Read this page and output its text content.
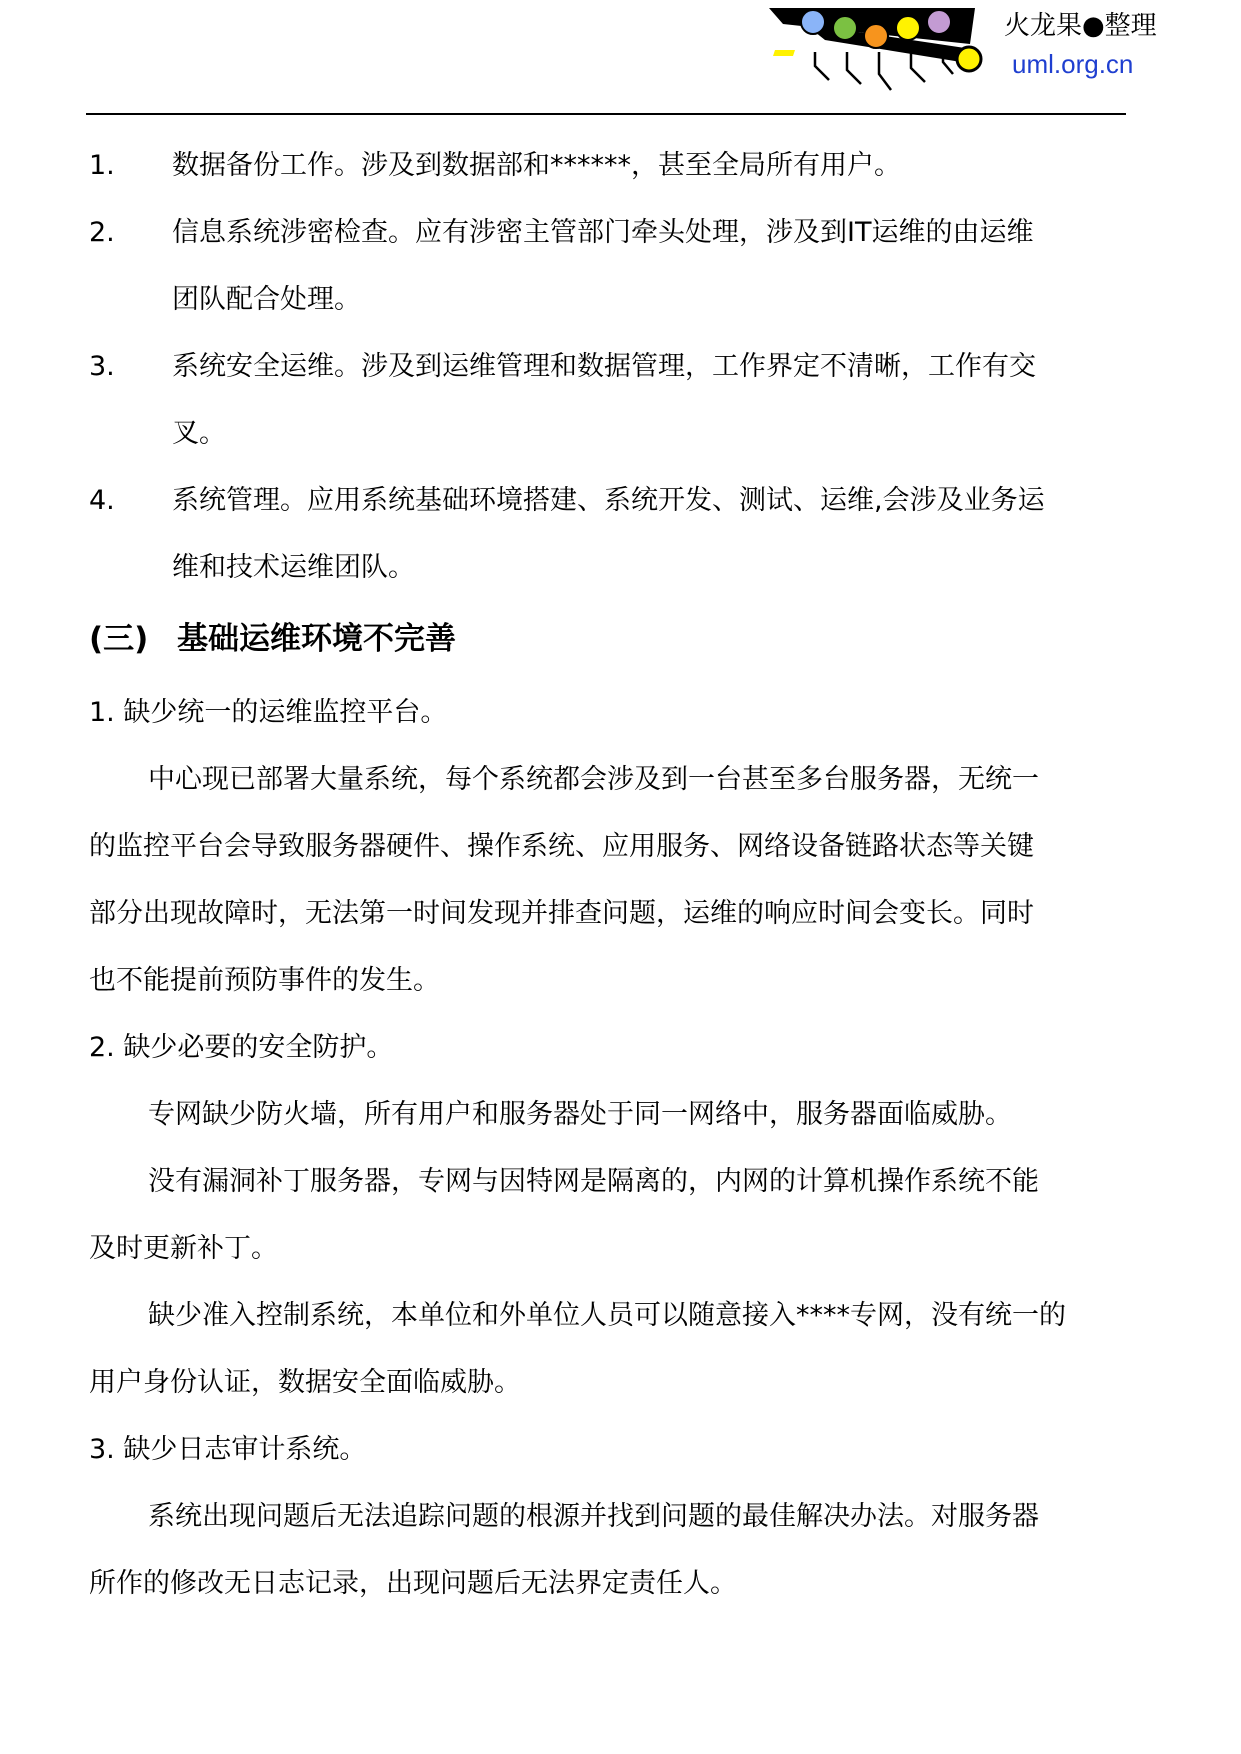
火龙果●整理
uml.org.cn
1. 数据备份工作。涉及到数据部和******，甚至全局所有用户。
2. 信息系统涉密检查。应有涉密主管部门牵头处理，涉及到IT运维的由运维
团队配合处理。
3. 系统安全运维。涉及到运维管理和数据管理，工作界定不清晰，工作有交
叉。
4. 系统管理。应用系统基础环境搭建、系统开发、测试、运维,会涉及业务运
维和技术运维团队。
(三) 基础运维环境不完善
1. 缺少统一的运维监控平台。
中心现已部署大量系统，每个系统都会涉及到一台甚至多台服务器，无统一
的监控平台会导致服务器硬件、操作系统、应用服务、网络设备链路状态等关键
部分出现故障时，无法第一时间发现并排查问题，运维的响应时间会变长。同时
也不能提前预防事件的发生。
2. 缺少必要的安全防护。
专网缺少防火墙，所有用户和服务器处于同一网络中，服务器面临威胁。
没有漏洞补丁服务器，专网与因特网是隔离的，内网的计算机操作系统不能
及时更新补丁。
缺少准入控制系统，本单位和外单位人员可以随意接入****专网，没有统一的
用户身份认证，数据安全面临威胁。
3. 缺少日志审计系统。
系统出现问题后无法追踪问题的根源并找到问题的最佳解决办法。对服务器
所作的修改无日志记录，出现问题后无法界定责任人。
